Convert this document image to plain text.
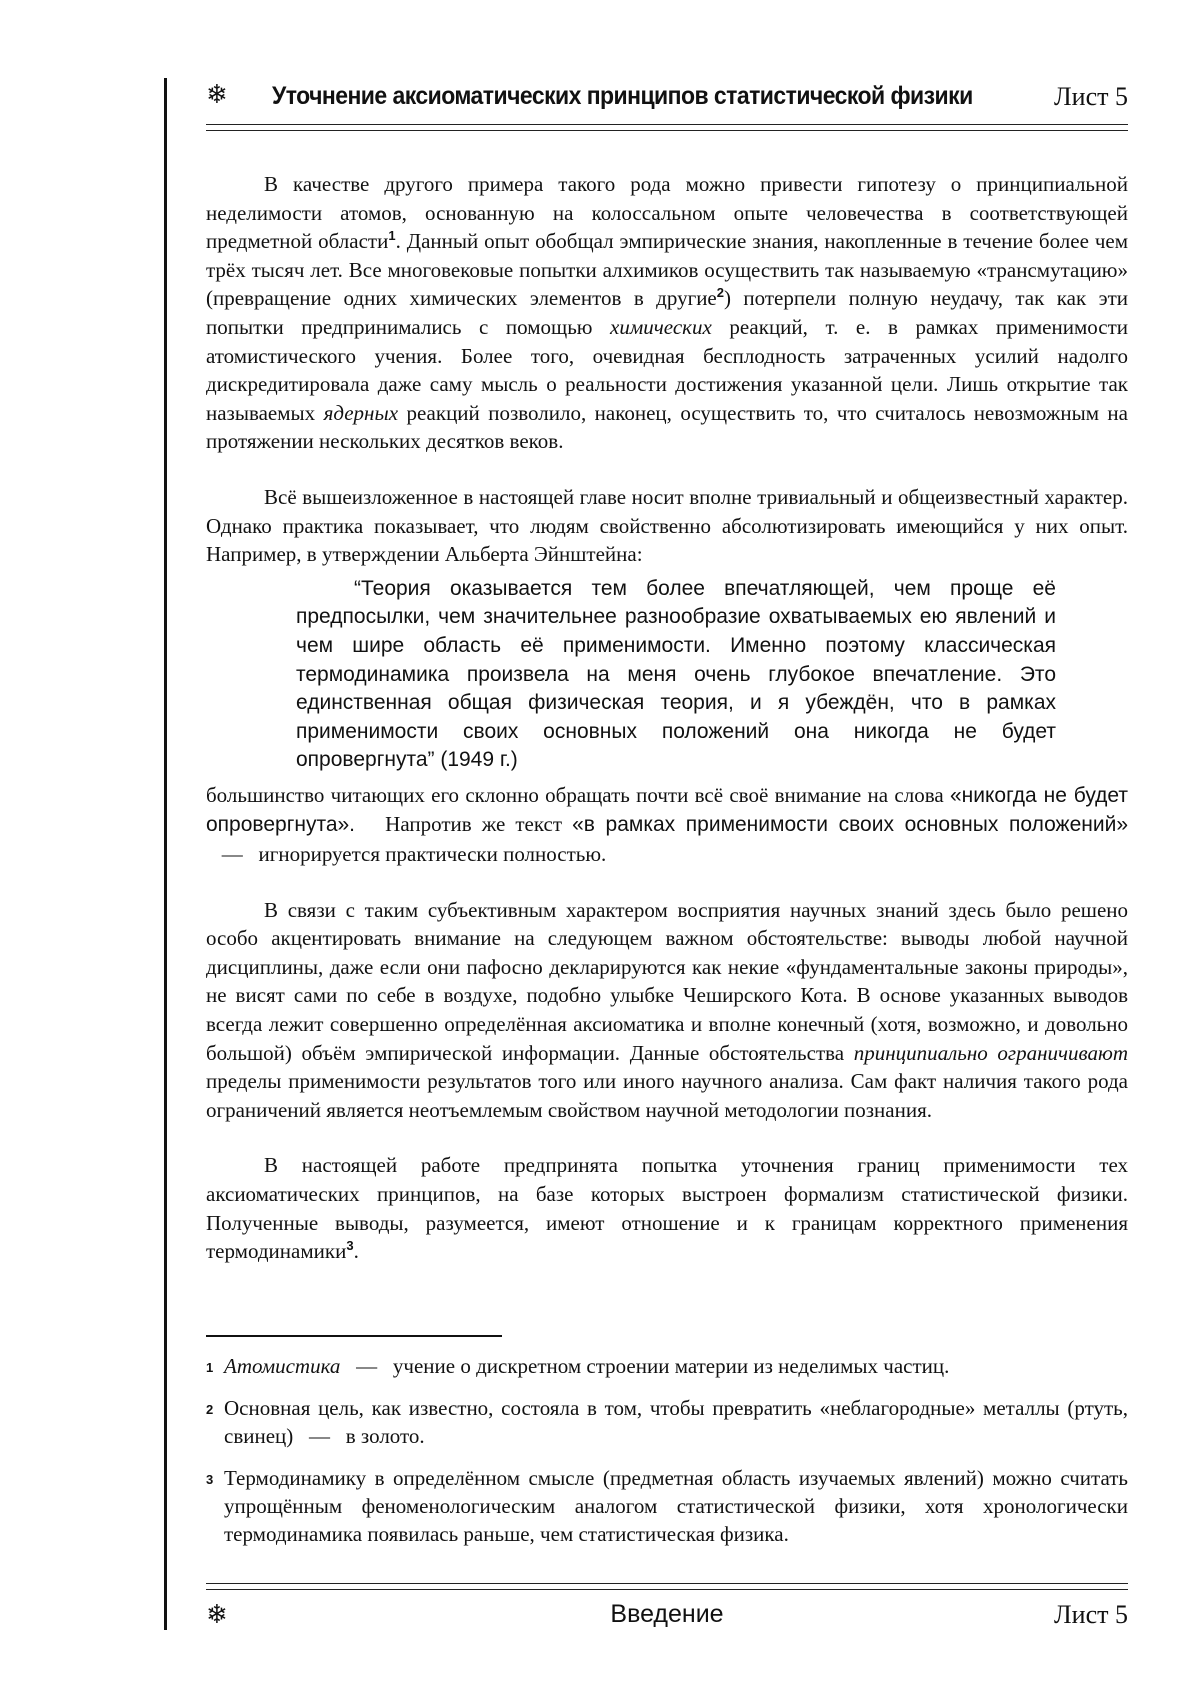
❄ Уточнение аксиоматических принципов статистической физики	Лист 5

В качестве другого примера такого рода можно привести гипотезу о принципиальной неделимости атомов, основанную на колоссальном опыте человечества в соответствующей предметной области$^1$. Данный опыт обобщал эмпирические знания, накопленные в течение более чем трёх тысяч лет. Все многовековые попытки алхимиков осуществить так называемую «трансмутацию» (превращение одних химических элементов в другие$^2$) потерпели полную неудачу, так как эти попытки предпринимались с помощью химических реакций, т. е. в рамках применимости атомистического учения. Более того, очевидная бесплодность затраченных усилий надолго дискредитировала даже саму мысль о реальности достижения указанной цели. Лишь открытие так называемых ядерных реакций позволило, наконец, осуществить то, что считалось невозможным на протяжении нескольких десятков веков.

Всё вышеизложенное в настоящей главе носит вполне тривиальный и общеизвестный характер. Однако практика показывает, что людям свойственно абсолютизировать имеющийся у них опыт. Например, в утверждении Альберта Эйнштейна:

“Теория оказывается тем более впечатляющей, чем проще её предпосылки, чем значительнее разнообразие охватываемых ею явлений и чем шире область её применимости. Именно поэтому классическая термодинамика произвела на меня очень глубокое впечатление. Это единственная общая физическая теория, и я убеждён, что в рамках применимости своих основных положений она никогда не будет опровергнута” (1949 г.)

большинство читающих его склонно обращать почти всё своё внимание на слова «никогда не будет опровергнута».   Напротив же текст «в рамках применимости своих основных положений»   —   игнорируется практически полностью.

В связи с таким субъективным характером восприятия научных знаний здесь было решено особо акцентировать внимание на следующем важном обстоятельстве: выводы любой научной дисциплины, даже если они пафосно декларируются как некие «фундаментальные законы природы», не висят сами по себе в воздухе, подобно улыбке Чеширского Кота. В основе указанных выводов всегда лежит совершенно определённая аксиоматика и вполне конечный (хотя, возможно, и довольно большой) объём эмпирической информации. Данные обстоятельства принципиально ограничивают пределы применимости результатов того или иного научного анализа. Сам факт наличия такого рода ограничений является неотъемлемым свойством научной методологии познания.

В настоящей работе предпринята попытка уточнения границ применимости тех аксиоматических принципов, на базе которых выстроен формализм статистической физики. Полученные выводы, разумеется, имеют отношение и к границам корректного применения термодинамики$^3$.

$^1$ Атомистика   —   учение о дискретном строении материи из неделимых частиц.
$^2$ Основная цель, как известно, состояла в том, чтобы превратить «неблагородные» металлы (ртуть, свинец)   —   в золото.
$^3$ Термодинамику в определённом смысле (предметная область изучаемых явлений) можно считать упрощённым феноменологическим аналогом статистической физики, хотя хронологически термодинамика появилась раньше, чем статистическая физика.
❄	Введение	Лист 5
